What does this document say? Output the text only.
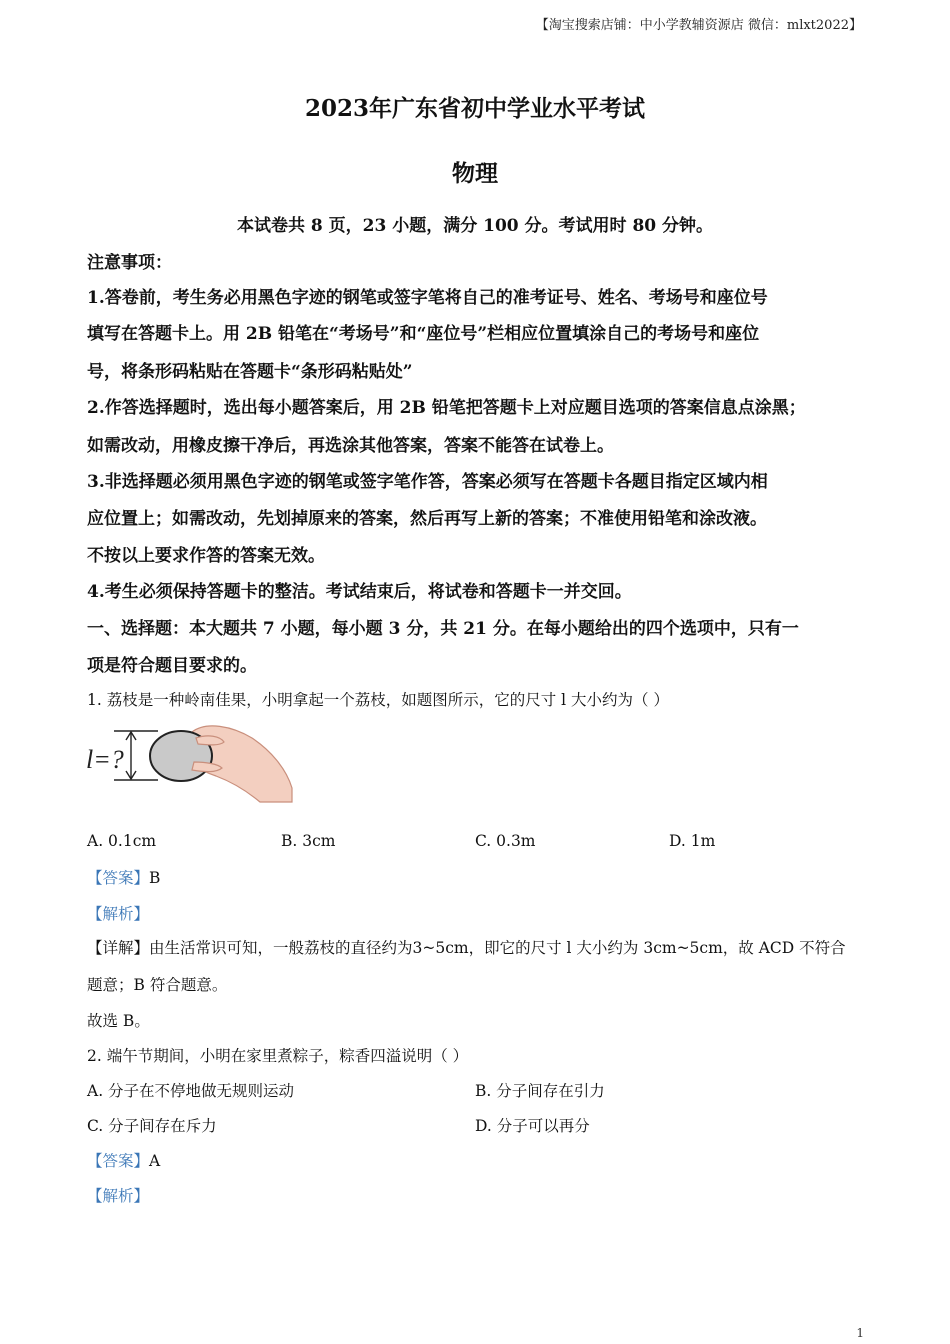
【淘宝搜索店铺：中小学教辅资源店 微信：mlxt2022】
2023年广东省初中学业水平考试
物理
本试卷共 8 页，23 小题，满分 100 分。考试用时 80 分钟。
注意事项：
1.答卷前，考生务必用黑色字迹的钢笔或签字笔将自己的准考证号、姓名、考场号和座位号
填写在答题卡上。用 2B 铅笔在“考场号”和“座位号”栏相应位置填涂自己的考场号和座位
号，将条形码粘贴在答题卡“条形码粘贴处”
2.作答选择题时，选出每小题答案后，用 2B 铅笔把答题卡上对应题目选项的答案信息点涂黑；
如需改动，用橡皮擦干净后，再选涂其他答案，答案不能答在试卷上。
3.非选择题必须用黑色字迹的钢笔或签字笔作答，答案必须写在答题卡各题目指定区域内相
应位置上；如需改动，先划掉原来的答案，然后再写上新的答案；不准使用铅笔和涂改液。
不按以上要求作答的答案无效。
4.考生必须保持答题卡的整洁。考试结束后，将试卷和答题卡一并交回。
一、选择题：本大题共 7 小题，每小题 3 分，共 21 分。在每小题给出的四个选项中，只有一
项是符合题目要求的。
1. 荔枝是一种岭南佳果，小明拿起一个荔枝，如题图所示，它的尺寸 l 大小约为（ ）
l=?
A. 0.1cm	B. 3cm	C. 0.3m	D. 1m
【答案】B
【解析】
【详解】由生活常识可知，一般荔枝的直径约为3~5cm，即它的尺寸 l 大小约为 3cm~5cm，故 ACD 不符合
题意；B 符合题意。
故选 B。
2. 端午节期间，小明在家里煮粽子，粽香四溢说明（ ）
A. 分子在不停地做无规则运动	B. 分子间存在引力
C. 分子间存在斥力	D. 分子可以再分
【答案】A
【解析】
1
